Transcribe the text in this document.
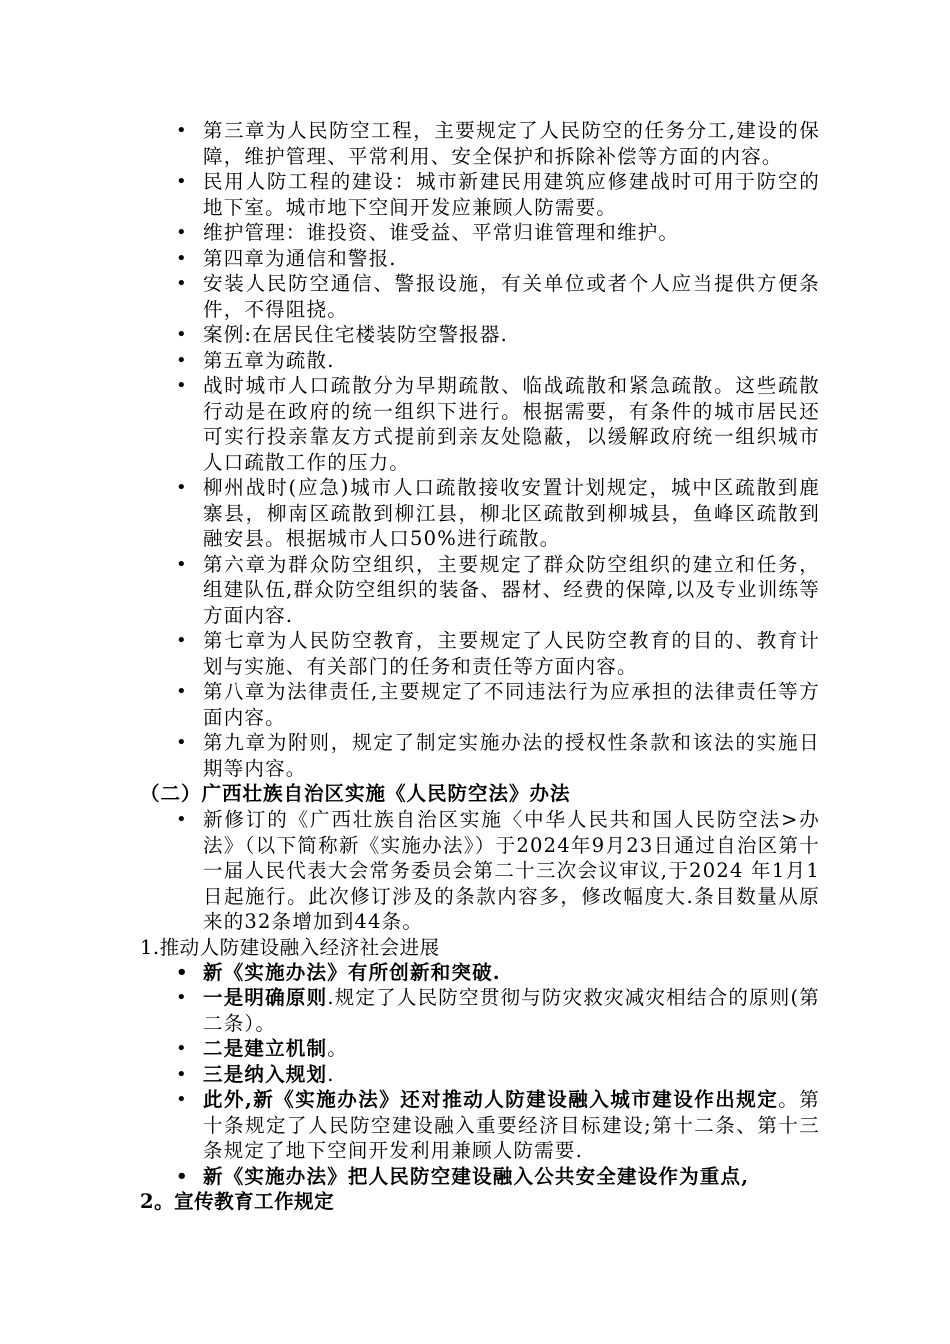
• 第三章为人民防空工程，主要规定了人民防空的任务分工,建设的保障，维护管理、平常利用、安全保护和拆除补偿等方面的内容。
• 民用人防工程的建设：城市新建民用建筑应修建战时可用于防空的地下室。城市地下空间开发应兼顾人防需要。
• 维护管理：谁投资、谁受益、平常归谁管理和维护。
• 第四章为通信和警报.
• 安装人民防空通信、警报设施，有关单位或者个人应当提供方便条件，不得阻挠。
• 案例:在居民住宅楼装防空警报器.
• 第五章为疏散.
• 战时城市人口疏散分为早期疏散、临战疏散和紧急疏散。这些疏散行动是在政府的统一组织下进行。根据需要，有条件的城市居民还可实行投亲靠友方式提前到亲友处隐蔽，以缓解政府统一组织城市人口疏散工作的压力。
• 柳州战时(应急)城市人口疏散接收安置计划规定，城中区疏散到鹿寨县，柳南区疏散到柳江县，柳北区疏散到柳城县，鱼峰区疏散到融安县。根据城市人口50%进行疏散。
• 第六章为群众防空组织，主要规定了群众防空组织的建立和任务，组建队伍,群众防空组织的装备、器材、经费的保障,以及专业训练等方面内容.
• 第七章为人民防空教育，主要规定了人民防空教育的目的、教育计划与实施、有关部门的任务和责任等方面内容。
• 第八章为法律责任,主要规定了不同违法行为应承担的法律责任等方面内容。
• 第九章为附则，规定了制定实施办法的授权性条款和该法的实施日期等内容。

（二）广西壮族自治区实施《人民防空法》办法

• 新修订的《广西壮族自治区实施〈中华人民共和国人民防空法>办法》（以下简称新《实施办法》）于2024年9月23日通过自治区第十一届人民代表大会常务委员会第二十三次会议审议,于2024 年1月1日起施行。此次修订涉及的条款内容多，修改幅度大.条目数量从原来的32条增加到44条。

1.推动人防建设融入经济社会进展

• 新《实施办法》有所创新和突破.
• 一是明确原则.规定了人民防空贯彻与防灾救灾减灾相结合的原则(第二条）。
• 二是建立机制。
• 三是纳入规划.
• 此外,新《实施办法》还对推动人防建设融入城市建设作出规定。第十条规定了人民防空建设融入重要经济目标建设;第十二条、第十三条规定了地下空间开发利用兼顾人防需要.
• 新《实施办法》把人民防空建设融入公共安全建设作为重点,

2。宣传教育工作规定
